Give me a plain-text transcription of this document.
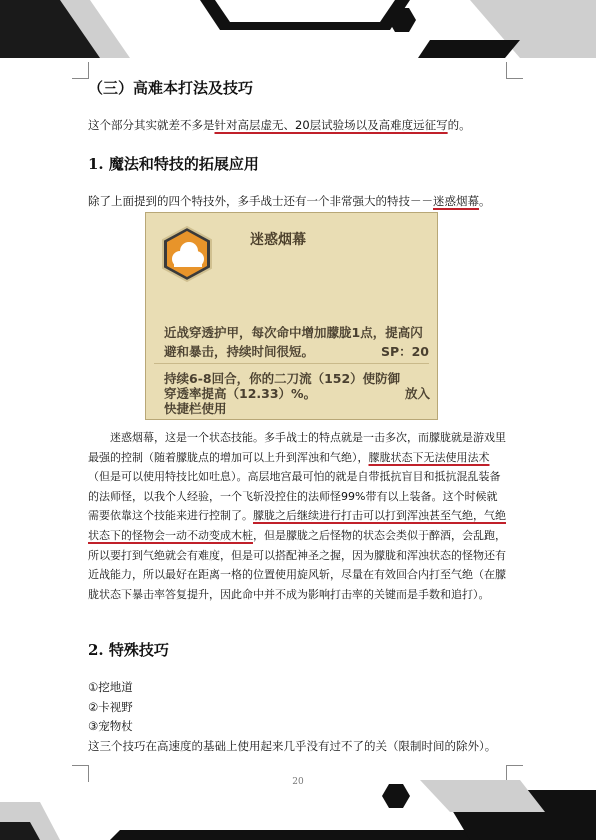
（三）高难本打法及技巧
这个部分其实就差不多是针对高层虚无、20层试验场以及高难度远征写的。
1. 魔法和特技的拓展应用
除了上面提到的四个特技外，多手战士还有一个非常强大的特技－－迷惑烟幕。
迷惑烟幕
近战穿透护甲，每次命中增加朦胧1点，提高闪避和暴击，持续时间很短。	SP：20
持续6-8回合，你的二刀流（152）使防御
穿透率提高（12.33）%。	放入
快捷栏使用
迷惑烟幕，这是一个状态技能。多手战士的特点就是一击多次，而朦胧就是游戏里最强的控制（随着朦胧点的增加可以上升到浑浊和气绝），朦胧状态下无法使用法术（但是可以使用特技比如吐息）。高层地宫最可怕的就是自带抵抗盲目和抵抗混乱装备的法师怪，以我个人经验，一个飞斩没控住的法师怪99%带有以上装备。这个时候就需要依靠这个技能来进行控制了。朦胧之后继续进行打击可以打到浑浊甚至气绝，气绝状态下的怪物会一动不动变成木桩，但是朦胧之后怪物的状态会类似于醉酒，会乱跑，所以要打到气绝就会有难度，但是可以搭配神圣之握，因为朦胧和浑浊状态的怪物还有近战能力，所以最好在距离一格的位置使用旋风斩，尽量在有效回合内打至气绝（在朦胧状态下暴击率答复提升，因此命中并不成为影响打击率的关键而是手数和追打）。
2. 特殊技巧
①挖地道
②卡视野
③宠物杖
这三个技巧在高速度的基础上使用起来几乎没有过不了的关（限制时间的除外）。
20
